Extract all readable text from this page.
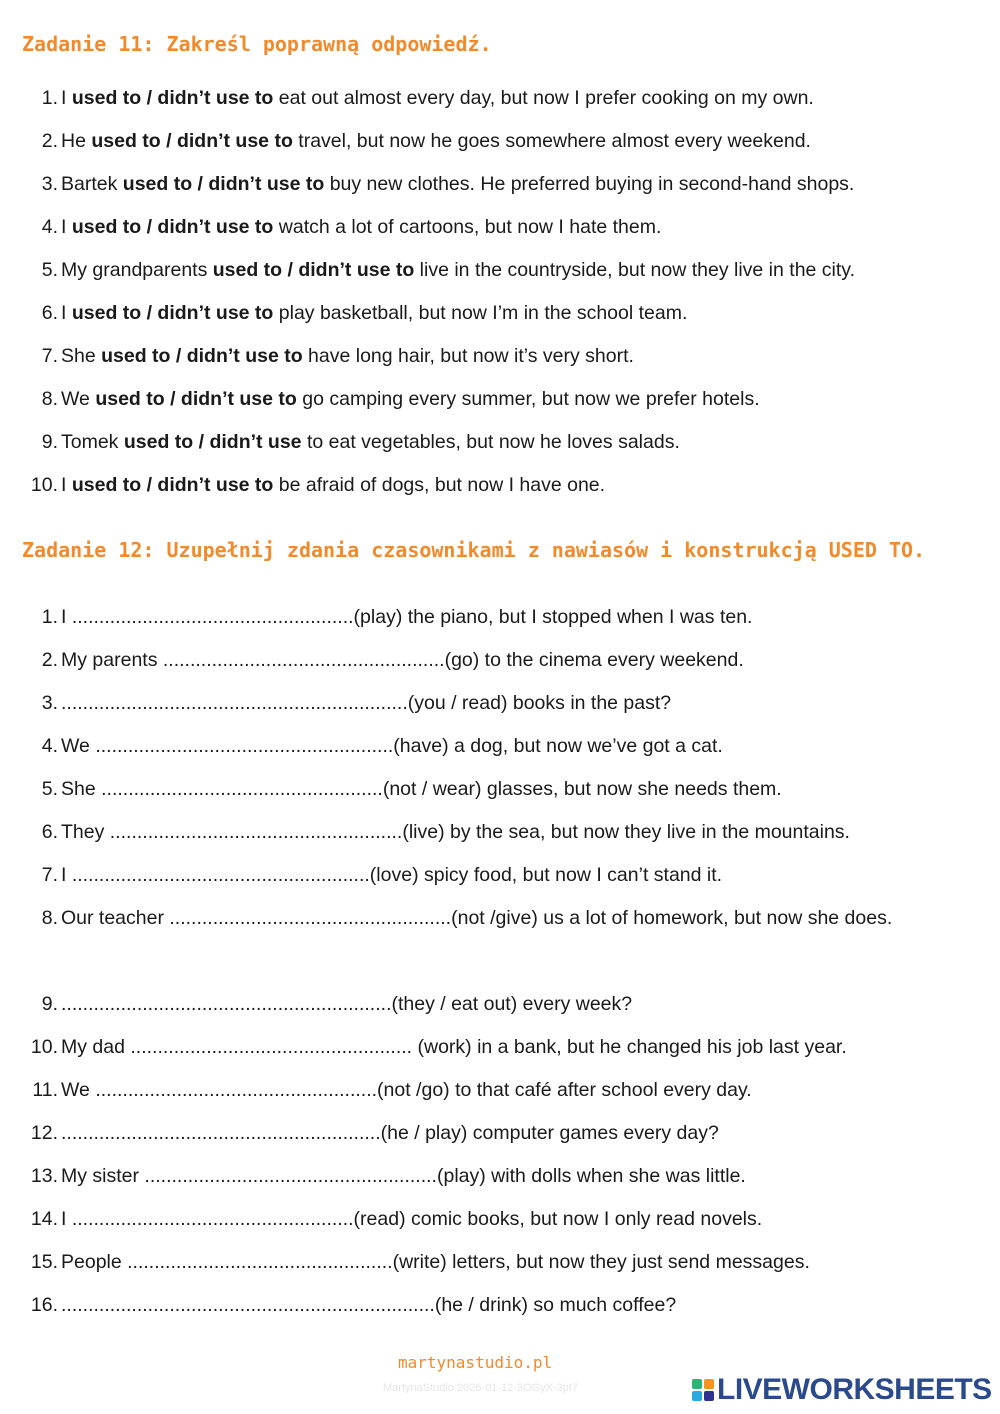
Zadanie 11: Zakreśl poprawną odpowiedź.
1. I used to / didn’t use to eat out almost every day, but now I prefer cooking on my own.
2. He used to / didn’t use to travel, but now he goes somewhere almost every weekend.
3. Bartek used to / didn’t use to buy new clothes. He preferred buying in second-hand shops.
4. I used to / didn’t use to watch a lot of cartoons, but now I hate them.
5. My grandparents used to / didn’t use to live in the countryside, but now they live in the city.
6. I used to / didn’t use to play basketball, but now I’m in the school team.
7. She used to / didn’t use to have long hair, but now it’s very short.
8. We used to / didn’t use to go camping every summer, but now we prefer hotels.
9. Tomek used to / didn’t use to eat vegetables, but now he loves salads.
10. I used to / didn’t use to be afraid of dogs, but now I have one.
Zadanie 12: Uzupełnij zdania czasownikami z nawiasów i konstrukcją USED TO.
1. I ....................................................(play) the piano, but I stopped when I was ten.
2. My parents ....................................................(go) to the cinema every weekend.
3. ................................................................(you / read) books in the past?
4. We .......................................................(have) a dog, but now we’ve got a cat.
5. She ....................................................(not / wear) glasses, but now she needs them.
6. They ......................................................(live) by the sea, but now they live in the mountains.
7. I .......................................................(love) spicy food, but now I can’t stand it.
8. Our teacher ....................................................(not /give) us a lot of homework, but now she does.
9. .............................................................(they / eat out) every week?
10. My dad .................................................... (work) in a bank, but he changed his job last year.
11. We ....................................................(not /go) to that café after school every day.
12. ...........................................................(he / play) computer games every day?
13. My sister ......................................................(play) with dolls when she was little.
14. I ....................................................(read) comic books, but now I only read novels.
15. People .................................................(write) letters, but now they just send messages.
16. .....................................................................(he / drink) so much coffee?
martynastudio.pl
MartynaStudio 2026-01-12-3OGyX-3pt7	LIVEWORKSHEETS
